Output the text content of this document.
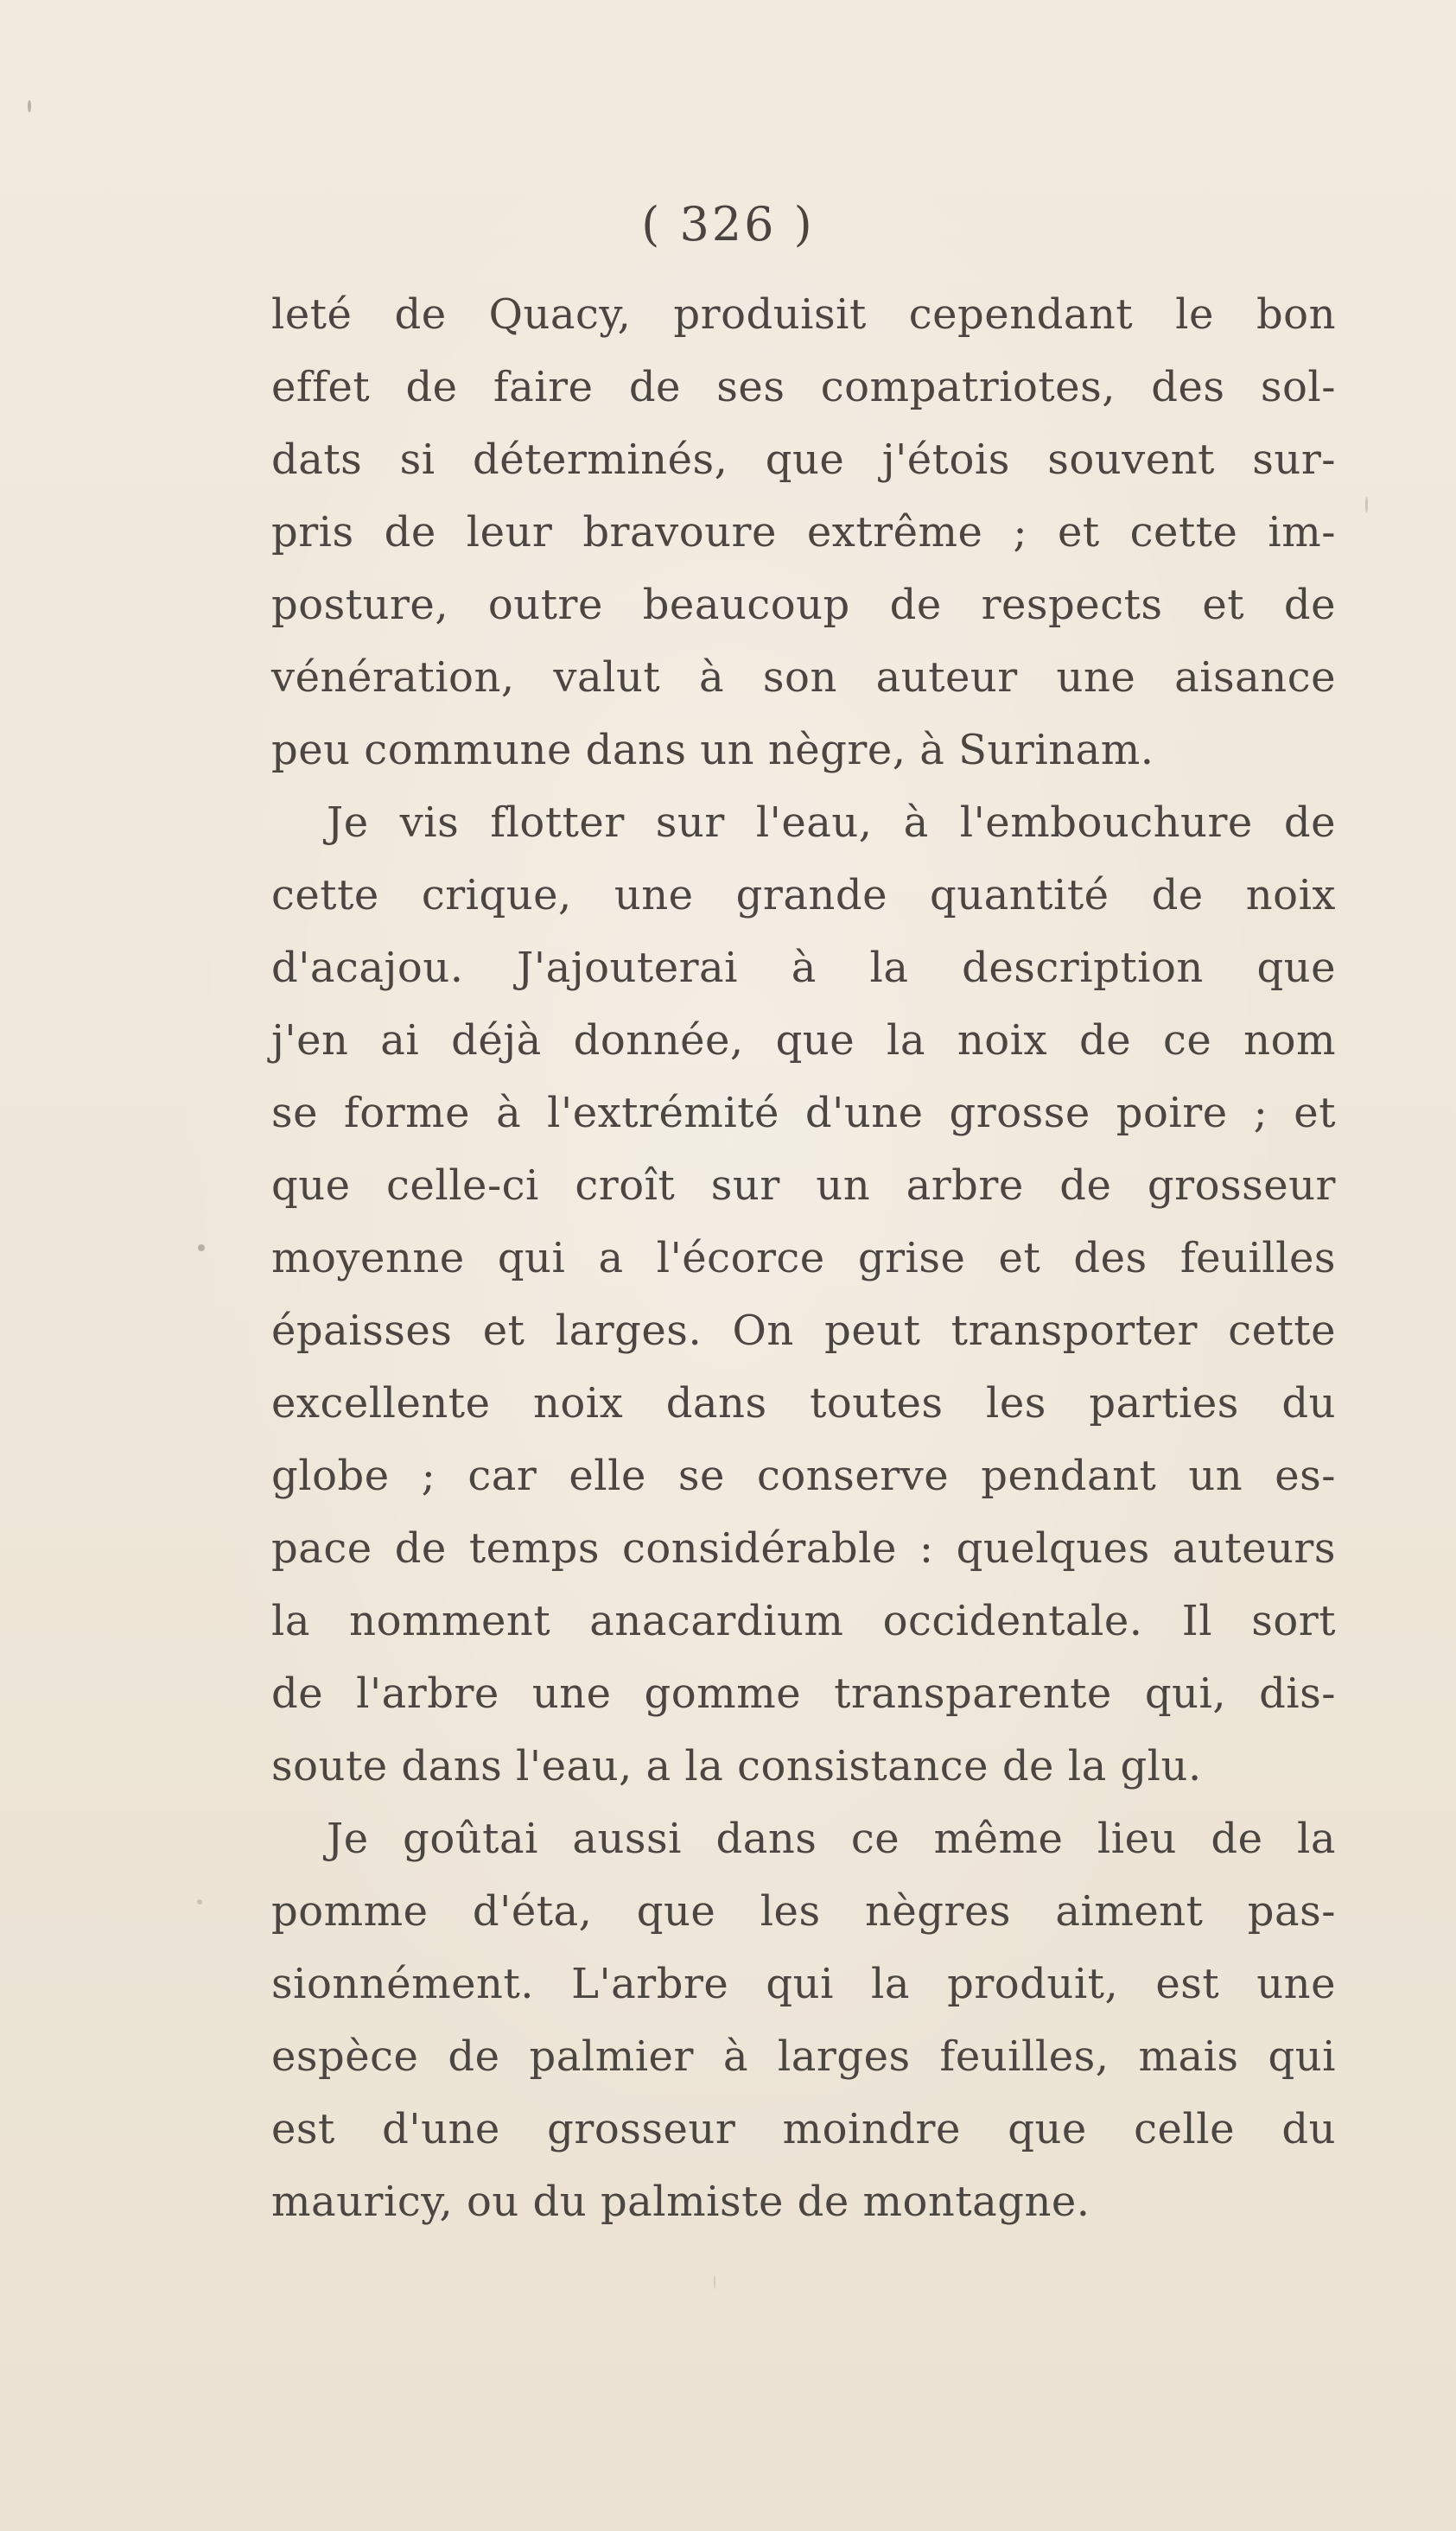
( 326 )
leté de Quacy, produisit cependant le bon
effet de faire de ses compatriotes, des sol-
dats si déterminés, que j'étois souvent sur-
pris de leur bravoure extrême ; et cette im-
posture, outre beaucoup de respects et de
vénération, valut à son auteur une aisance
peu commune dans un nègre, à Surinam.
Je vis flotter sur l'eau, à l'embouchure de
cette crique, une grande quantité de noix
d'acajou. J'ajouterai à la description que
j'en ai déjà donnée, que la noix de ce nom
se forme à l'extrémité d'une grosse poire ; et
que celle-ci croît sur un arbre de grosseur
moyenne qui a l'écorce grise et des feuilles
épaisses et larges. On peut transporter cette
excellente noix dans toutes les parties du
globe ; car elle se conserve pendant un es-
pace de temps considérable : quelques auteurs
la nomment anacardium occidentale. Il sort
de l'arbre une gomme transparente qui, dis-
soute dans l'eau, a la consistance de la glu.
Je goûtai aussi dans ce même lieu de la
pomme d'éta, que les nègres aiment pas-
sionnément. L'arbre qui la produit, est une
espèce de palmier à larges feuilles, mais qui
est d'une grosseur moindre que celle du
mauricy, ou du palmiste de montagne.
